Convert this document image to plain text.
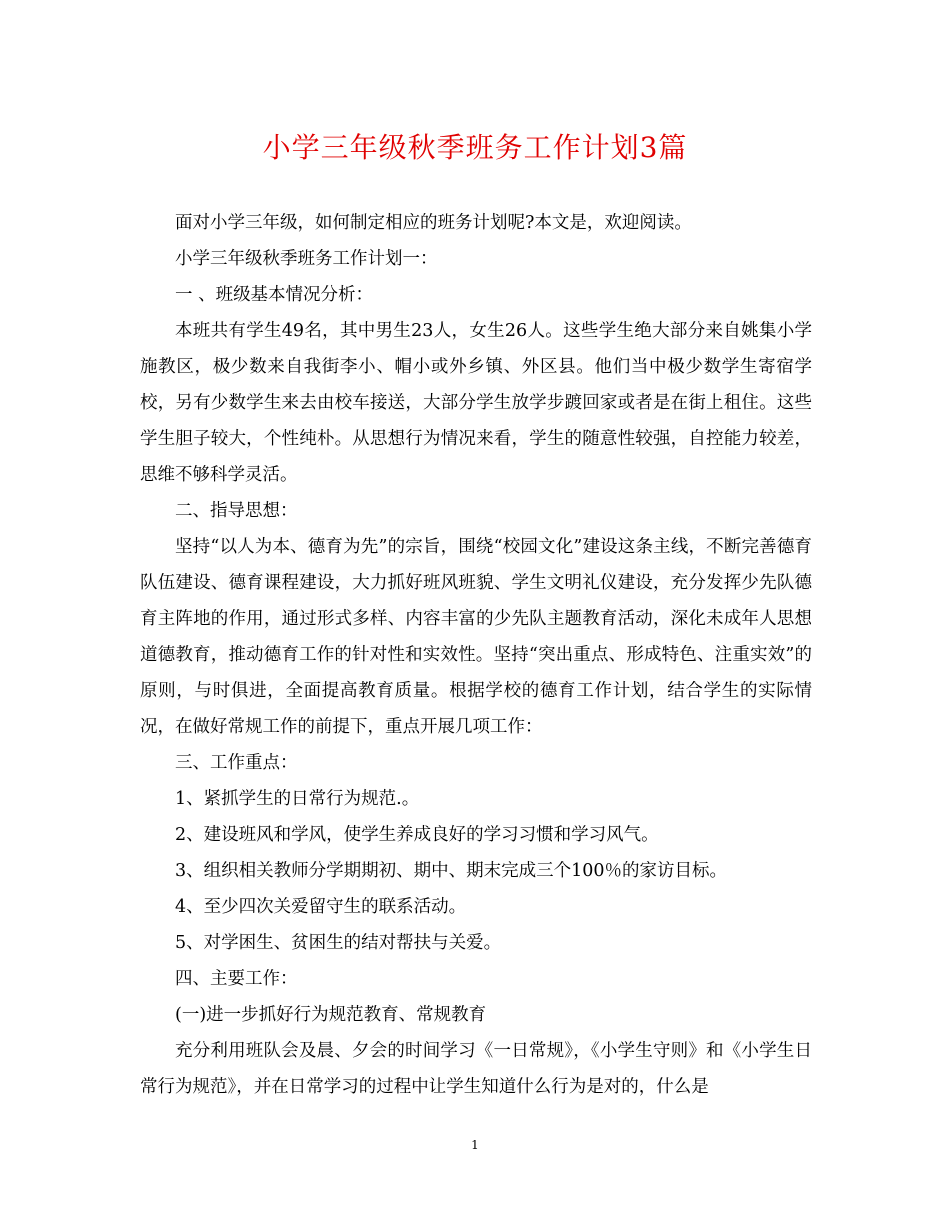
小学三年级秋季班务工作计划3篇

面对小学三年级，如何制定相应的班务计划呢?本文是，欢迎阅读。

小学三年级秋季班务工作计划一：

一 、班级基本情况分析：

本班共有学生49名，其中男生23人，女生26人。这些学生绝大部分来自姚集小学施教区，极少数来自我街李小、帽小或外乡镇、外区县。他们当中极少数学生寄宿学校，另有少数学生来去由校车接送，大部分学生放学步踱回家或者是在街上租住。这些学生胆子较大，个性纯朴。从思想行为情况来看，学生的随意性较强，自控能力较差，思维不够科学灵活。

二、指导思想：

坚持“以人为本、德育为先”的宗旨，围绕“校园文化”建设这条主线，不断完善德育队伍建设、德育课程建设，大力抓好班风班貌、学生文明礼仪建设，充分发挥少先队德育主阵地的作用，通过形式多样、内容丰富的少先队主题教育活动，深化未成年人思想道德教育，推动德育工作的针对性和实效性。坚持“突出重点、形成特色、注重实效”的原则，与时俱进，全面提高教育质量。根据学校的德育工作计划，结合学生的实际情况，在做好常规工作的前提下，重点开展几项工作：

三、工作重点：

1、紧抓学生的日常行为规范.。

2、建设班风和学风，使学生养成良好的学习习惯和学习风气。

3、组织相关教师分学期期初、期中、期末完成三个100％的家访目标。

4、至少四次关爱留守生的联系活动。

5、对学困生、贫困生的结对帮扶与关爱。

四、主要工作：

(一)进一步抓好行为规范教育、常规教育

充分利用班队会及晨、夕会的时间学习《一日常规》，《小学生守则》和《小学生日常行为规范》，并在日常学习的过程中让学生知道什么行为是对的，什么是

1
